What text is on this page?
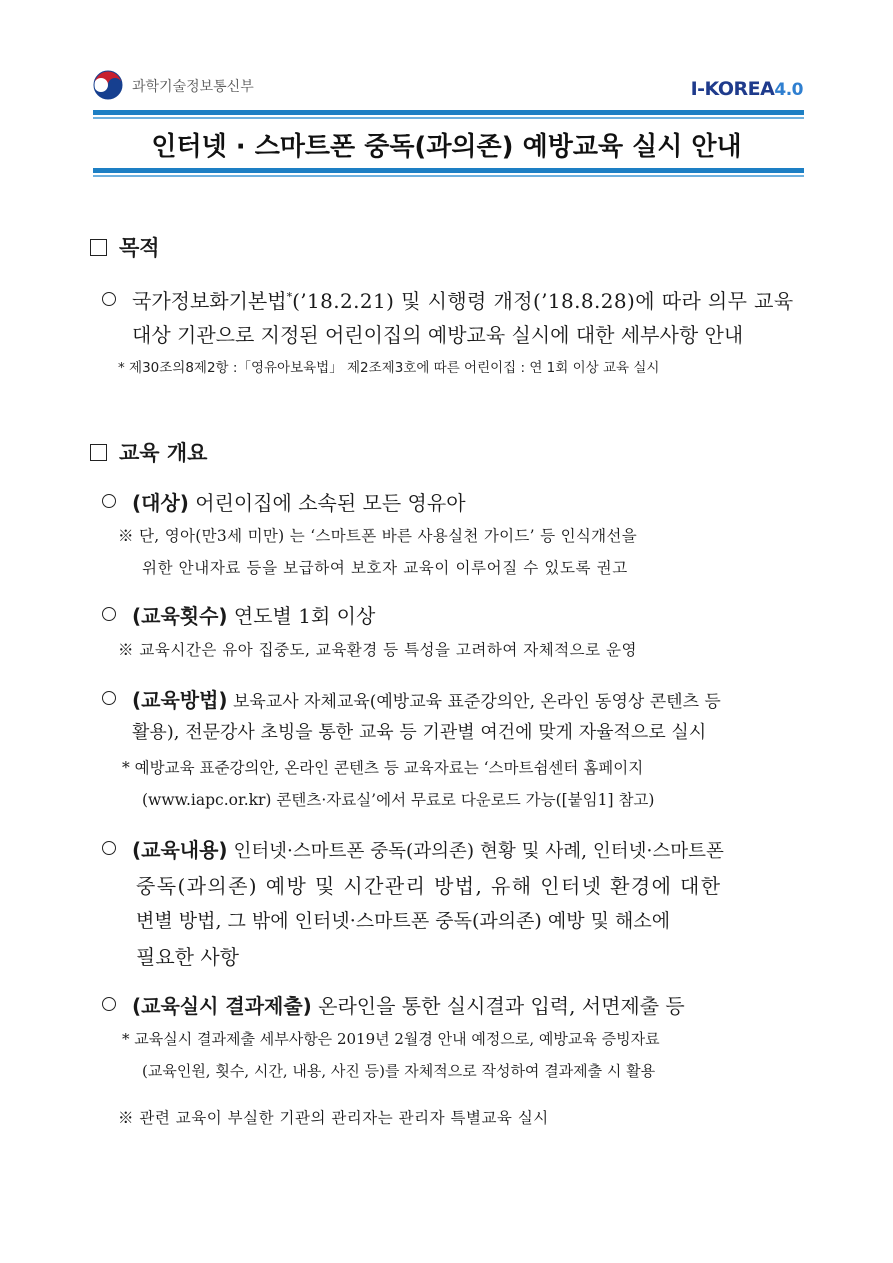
과학기술정보통신부	I-KOREA4.0
인터넷 · 스마트폰 중독(과의존) 예방교육 실시 안내
목적
국가정보화기본법*(’18.2.21) 및 시행령 개정(’18.8.28)에 따라 의무 교육
대상 기관으로 지정된 어린이집의 예방교육 실시에 대한 세부사항 안내
* 제30조의8제2항 :「영유아보육법」 제2조제3호에 따른 어린이집 : 연 1회 이상 교육 실시
교육 개요
(대상) 어린이집에 소속된 모든 영유아
※ 단, 영아(만3세 미만) 는 ‘스마트폰 바른 사용실천 가이드’ 등 인식개선을
위한 안내자료 등을 보급하여 보호자 교육이 이루어질 수 있도록 권고
(교육횟수) 연도별 1회 이상
※ 교육시간은 유아 집중도, 교육환경 등 특성을 고려하여 자체적으로 운영
(교육방법) 보육교사 자체교육(예방교육 표준강의안, 온라인 동영상 콘텐츠 등
활용), 전문강사 초빙을 통한 교육 등 기관별 여건에 맞게 자율적으로 실시
* 예방교육 표준강의안, 온라인 콘텐츠 등 교육자료는 ‘스마트쉼센터 홈페이지
(www.iapc.or.kr) 콘텐츠·자료실’에서 무료로 다운로드 가능([붙임1] 참고)
(교육내용) 인터넷·스마트폰 중독(과의존) 현황 및 사례, 인터넷·스마트폰
중독(과의존) 예방 및 시간관리 방법, 유해 인터넷 환경에 대한
변별 방법, 그 밖에 인터넷·스마트폰 중독(과의존) 예방 및 해소에
필요한 사항
(교육실시 결과제출) 온라인을 통한 실시결과 입력, 서면제출 등
* 교육실시 결과제출 세부사항은 2019년 2월경 안내 예정으로, 예방교육 증빙자료
(교육인원, 횟수, 시간, 내용, 사진 등)를 자체적으로 작성하여 결과제출 시 활용
※ 관련 교육이 부실한 기관의 관리자는 관리자 특별교육 실시
